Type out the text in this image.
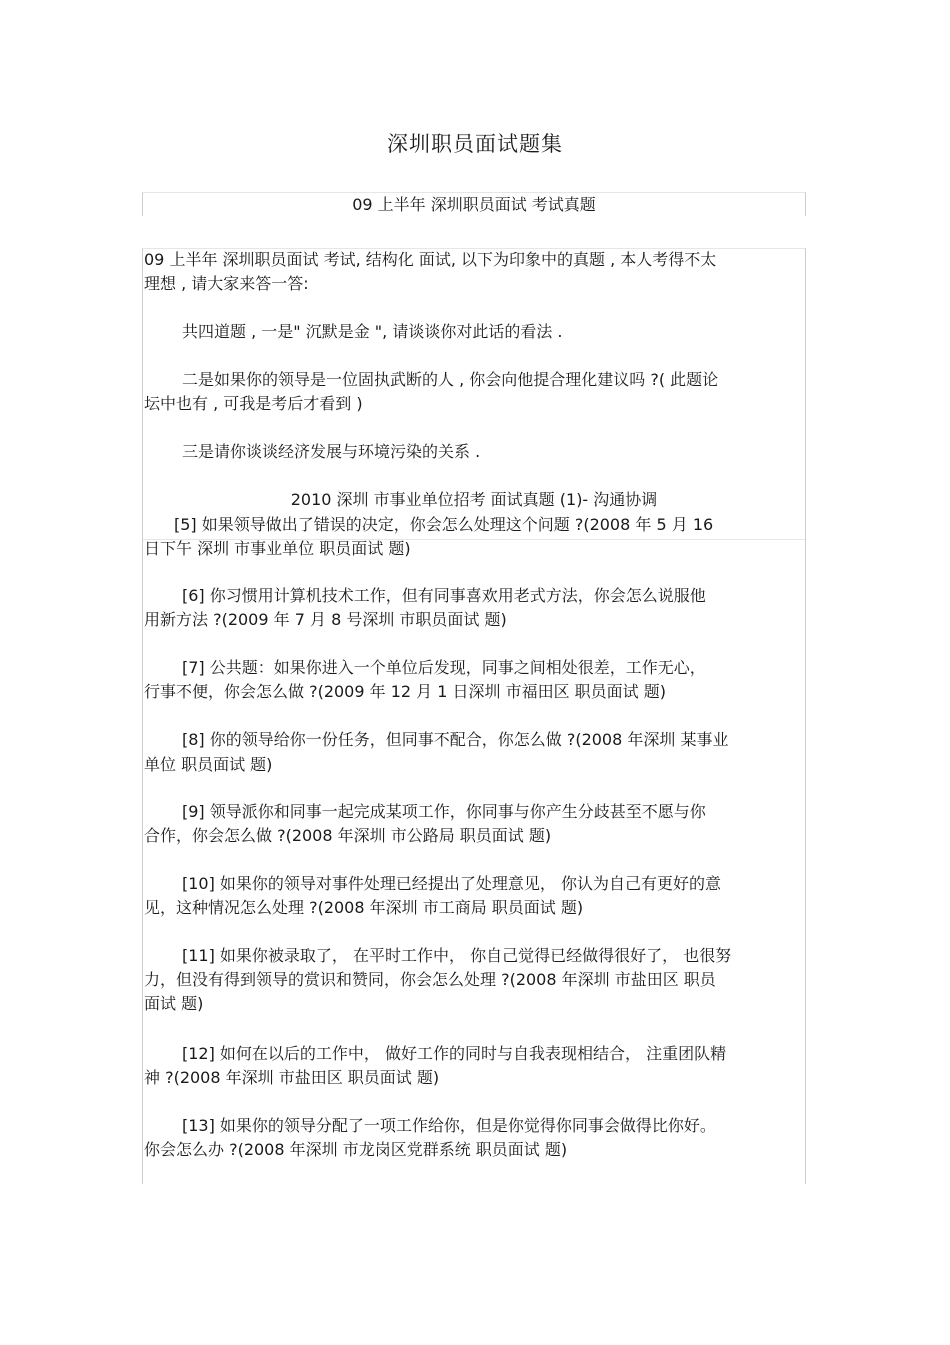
深圳职员面试题集
09 上半年 深圳职员面试 考试真题
09 上半年 深圳职员面试 考试, 结构化 面试, 以下为印象中的真题 , 本人考得不太
理想 , 请大家来答一答:
共四道题 , 一是" 沉默是金 ", 请谈谈你对此话的看法 .
二是如果你的领导是一位固执武断的人 , 你会向他提合理化建议吗 ?( 此题论
坛中也有 , 可我是考后才看到 )
三是请你谈谈经济发展与环境污染的关系 .
2010 深圳 市事业单位招考 面试真题 (1)- 沟通协调
[5] 如果领导做出了错误的决定，你会怎么处理这个问题 ?(2008 年 5 月 16
日下午 深圳 市事业单位 职员面试 题)
[6] 你习惯用计算机技术工作，但有同事喜欢用老式方法，你会怎么说服他
用新方法 ?(2009 年 7 月 8 号深圳 市职员面试 题)
[7] 公共题：如果你进入一个单位后发现，同事之间相处很差，工作无心，
行事不便，你会怎么做 ?(2009 年 12 月 1 日深圳 市福田区 职员面试 题)
[8] 你的领导给你一份任务，但同事不配合，你怎么做 ?(2008 年深圳 某事业
单位 职员面试 题)
[9] 领导派你和同事一起完成某项工作，你同事与你产生分歧甚至不愿与你
合作，你会怎么做 ?(2008 年深圳 市公路局 职员面试 题)
[10] 如果你的领导对事件处理已经提出了处理意见， 你认为自己有更好的意
见，这种情况怎么处理 ?(2008 年深圳 市工商局 职员面试 题)
[11] 如果你被录取了， 在平时工作中， 你自己觉得已经做得很好了， 也很努
力，但没有得到领导的赏识和赞同，你会怎么处理 ?(2008 年深圳 市盐田区 职员
面试 题)
[12] 如何在以后的工作中， 做好工作的同时与自我表现相结合， 注重团队精
神 ?(2008 年深圳 市盐田区 职员面试 题)
[13] 如果你的领导分配了一项工作给你，但是你觉得你同事会做得比你好。
你会怎么办 ?(2008 年深圳 市龙岗区党群系统 职员面试 题)
